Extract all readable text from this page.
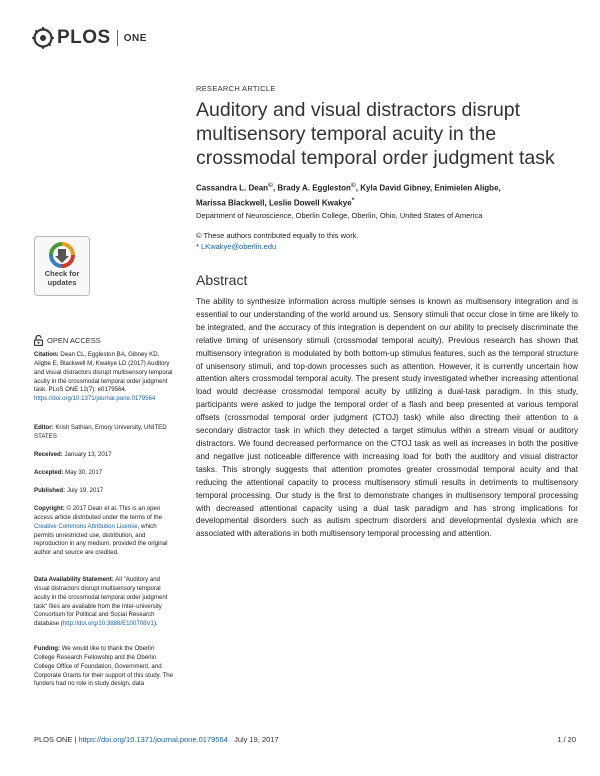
PLOS ONE
RESEARCH ARTICLE
Auditory and visual distractors disrupt multisensory temporal acuity in the crossmodal temporal order judgment task
Cassandra L. Dean©, Brady A. Eggleston©, Kyla David Gibney, Enimielen Aligbe,
Marissa Blackwell, Leslie Dowell Kwakye*
Department of Neuroscience, Oberlin College, Oberlin, Ohio, United States of America
© These authors contributed equally to this work.
* LKwakye@oberlin.edu
Abstract

The ability to synthesize information across multiple senses is known as multisensory integration and is essential to our understanding of the world around us. Sensory stimuli that occur close in time are likely to be integrated, and the accuracy of this integration is dependent on our ability to precisely discriminate the relative timing of unisensory stimuli (crossmodal temporal acuity). Previous research has shown that multisensory integration is modulated by both bottom-up stimulus features, such as the temporal structure of unisensory stimuli, and top-down processes such as attention. However, it is currently uncertain how attention alters crossmodal temporal acuity. The present study investigated whether increasing attentional load would decrease crossmodal temporal acuity by utilizing a dual-task paradigm. In this study, participants were asked to judge the temporal order of a flash and beep presented at various temporal offsets (crossmodal temporal order judgment (CTOJ) task) while also directing their attention to a secondary distractor task in which they detected a target stimulus within a stream visual or auditory distractors. We found decreased performance on the CTOJ task as well as increases in both the positive and negative just noticeable difference with increasing load for both the auditory and visual distractor tasks. This strongly suggests that attention promotes greater crossmodal temporal acuity and that reducing the attentional capacity to process multisensory stimuli results in detriments to multisensory temporal processing. Our study is the first to demonstrate changes in multisensory temporal processing with decreased attentional capacity using a dual task paradigm and has strong implications for developmental disorders such as autism spectrum disorders and developmental dyslexia which are associated with alterations in both multisensory temporal processing and attention.

Check for
updates
OPEN ACCESS

Citation: Dean CL, Eggleston BA, Gibney KD, Aligbe E, Blackwell M, Kwakye LD (2017) Auditory and visual distractors disrupt multisensory temporal acuity in the crossmodal temporal order judgment task. PLoS ONE 12(7): e0179564. https://doi.org/10.1371/journal.pone.0179564

Editor: Krish Sathian, Emory University, UNITED STATES

Received: January 13, 2017

Accepted: May 30, 2017

Published: July 19, 2017

Copyright: © 2017 Dean et al. This is an open access article distributed under the terms of the Creative Commons Attribution License, which permits unrestricted use, distribution, and reproduction in any medium, provided the original author and source are credited.

Data Availability Statement: All "Auditory and visual distractors disrupt multisensory temporal acuity in the crossmodal temporal order judgment task" files are available from the Inter-university Consortium for Political and Social Research database (http://doi.org/10.3886/E100708V1).

Funding: We would like to thank the Oberlin College Research Fellowship and the Oberlin College Office of Foundation, Government, and Corporate Grants for their support of this study. The funders had no role in study design, data

PLOS ONE | https://doi.org/10.1371/journal.pone.0179564 July 19, 2017	1 / 20
